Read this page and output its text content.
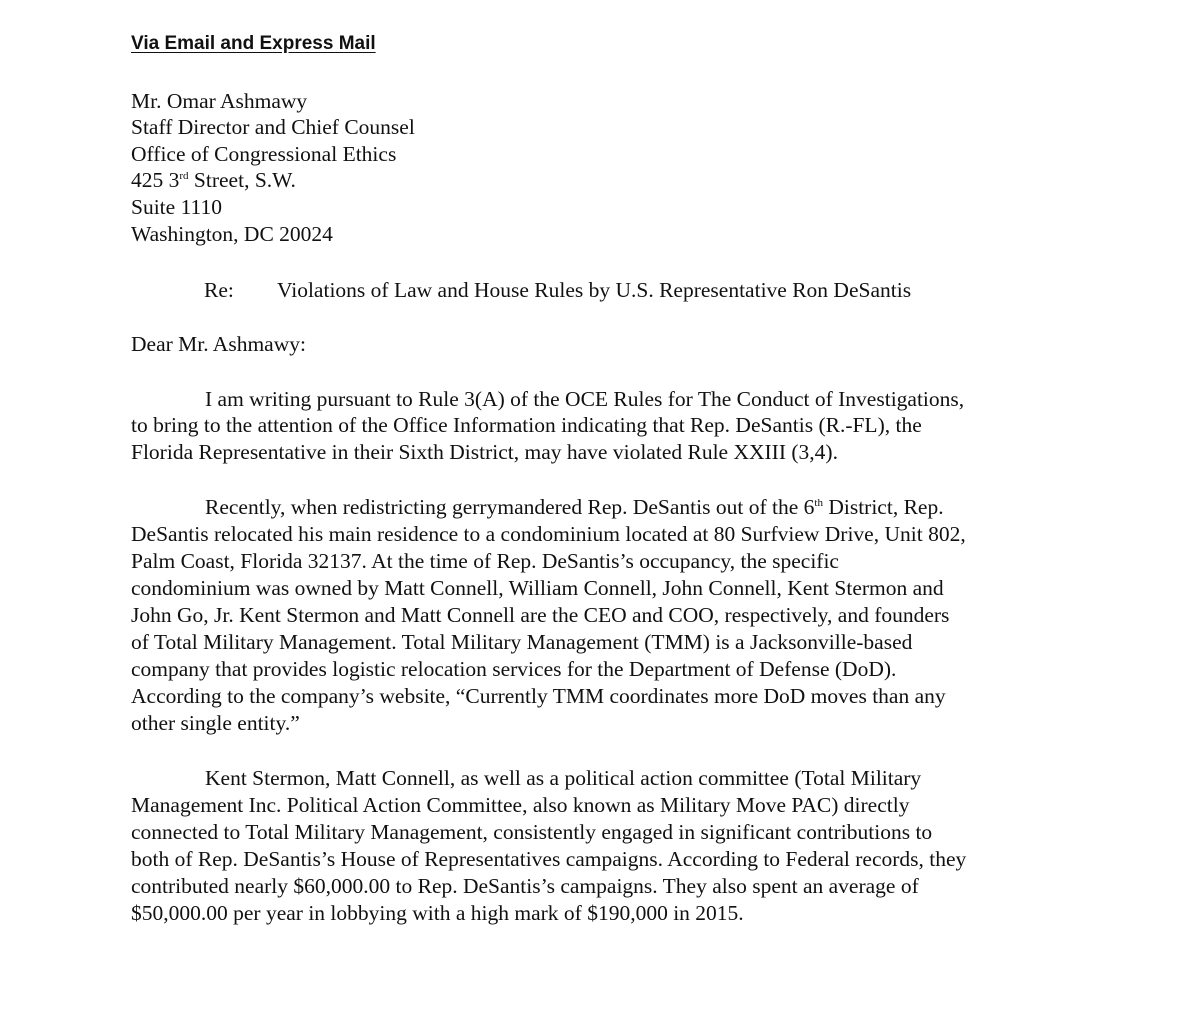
Via Email and Express Mail
Mr. Omar Ashmawy
Staff Director and Chief Counsel
Office of Congressional Ethics
425 3rd Street, S.W.
Suite 1110
Washington, DC 20024
Re: Violations of Law and House Rules by U.S. Representative Ron DeSantis
Dear Mr. Ashmawy:
I am writing pursuant to Rule 3(A) of the OCE Rules for The Conduct of Investigations,
to bring to the attention of the Office Information indicating that Rep. DeSantis (R.-FL), the
Florida Representative in their Sixth District, may have violated Rule XXIII (3,4).
Recently, when redistricting gerrymandered Rep. DeSantis out of the 6th District, Rep.
DeSantis relocated his main residence to a condominium located at 80 Surfview Drive, Unit 802,
Palm Coast, Florida 32137. At the time of Rep. DeSantis’s occupancy, the specific
condominium was owned by Matt Connell, William Connell, John Connell, Kent Stermon and
John Go, Jr. Kent Stermon and Matt Connell are the CEO and COO, respectively, and founders
of Total Military Management. Total Military Management (TMM) is a Jacksonville-based
company that provides logistic relocation services for the Department of Defense (DoD).
According to the company’s website, “Currently TMM coordinates more DoD moves than any
other single entity.”
Kent Stermon, Matt Connell, as well as a political action committee (Total Military
Management Inc. Political Action Committee, also known as Military Move PAC) directly
connected to Total Military Management, consistently engaged in significant contributions to
both of Rep. DeSantis’s House of Representatives campaigns. According to Federal records, they
contributed nearly $60,000.00 to Rep. DeSantis’s campaigns. They also spent an average of
$50,000.00 per year in lobbying with a high mark of $190,000 in 2015.
